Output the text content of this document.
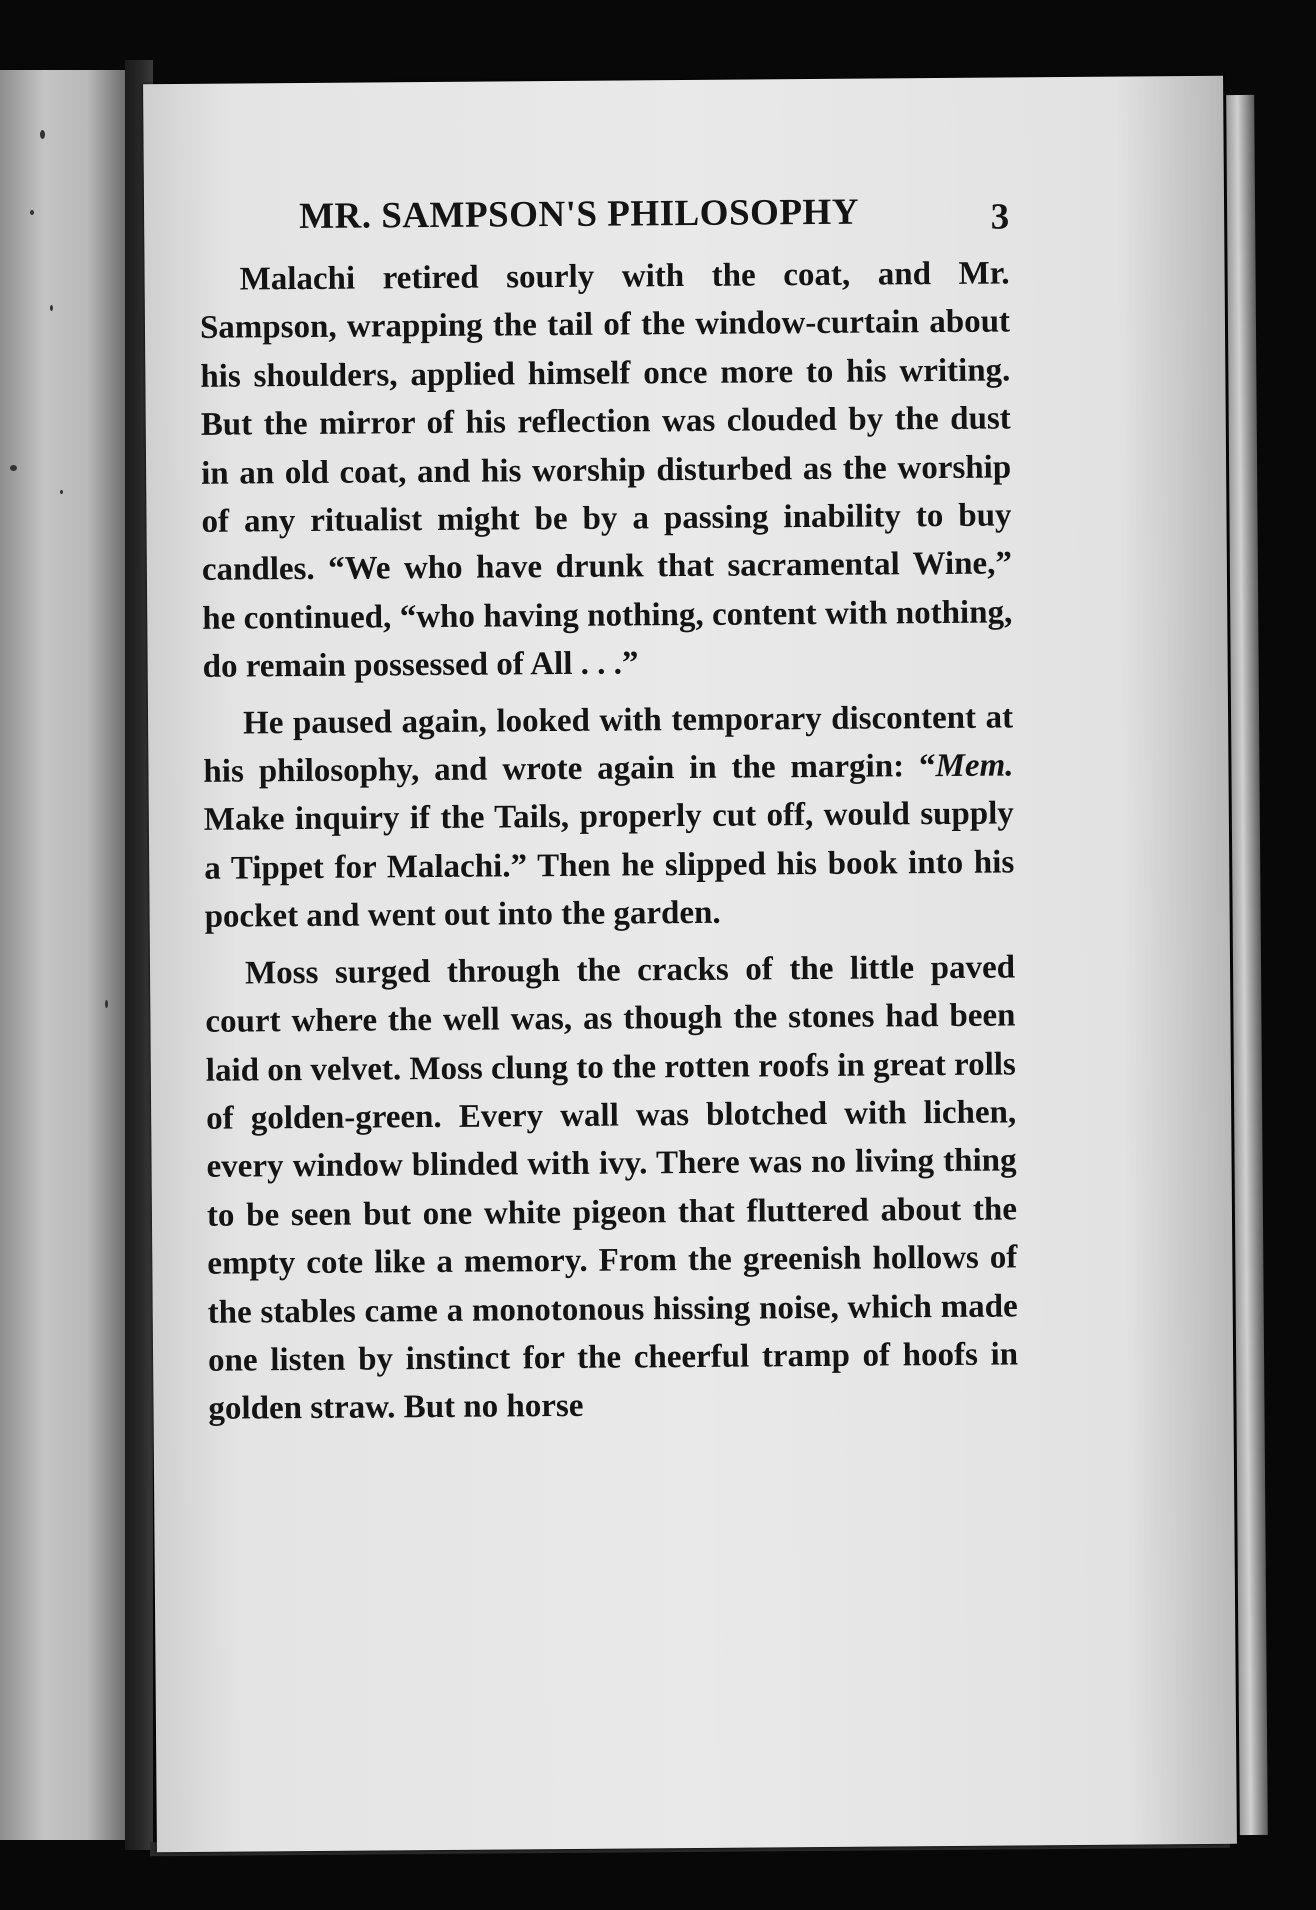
MR. SAMPSON'S PHILOSOPHY	3

Malachi retired sourly with the coat, and Mr. Sampson, wrapping the tail of the window-curtain about his shoulders, applied himself once more to his writing. But the mirror of his reflection was clouded by the dust in an old coat, and his worship disturbed as the worship of any ritualist might be by a passing inability to buy candles. “We who have drunk that sacramental Wine,” he continued, “who having nothing, content with nothing, do remain possessed of All . . .”

He paused again, looked with temporary discontent at his philosophy, and wrote again in the margin: “Mem. Make inquiry if the Tails, properly cut off, would supply a Tippet for Malachi.” Then he slipped his book into his pocket and went out into the garden.

Moss surged through the cracks of the little paved court where the well was, as though the stones had been laid on velvet. Moss clung to the rotten roofs in great rolls of golden-green. Every wall was blotched with lichen, every window blinded with ivy. There was no living thing to be seen but one white pigeon that fluttered about the empty cote like a memory. From the greenish hollows of the stables came a monotonous hissing noise, which made one listen by instinct for the cheerful tramp of hoofs in golden straw. But no horse
